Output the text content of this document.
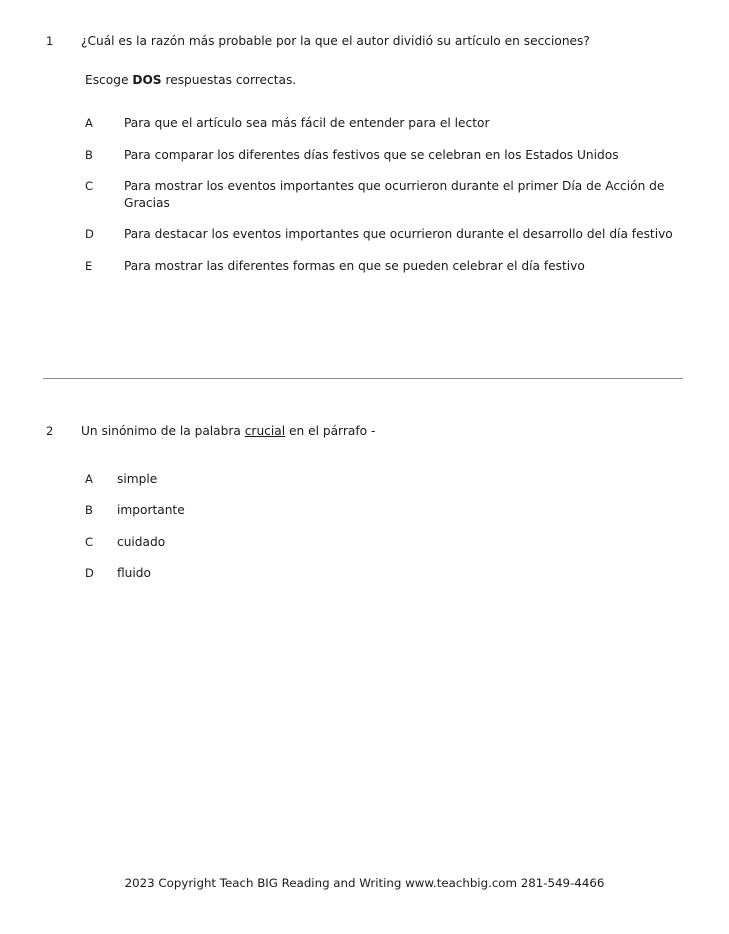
1 ¿Cuál es la razón más probable por la que el autor dividió su artículo en secciones?
Escoge DOS respuestas correctas.
A	Para que el artículo sea más fácil de entender para el lector
B	Para comparar los diferentes días festivos que se celebran en los Estados Unidos
C	Para mostrar los eventos importantes que ocurrieron durante el primer Día de Acción de Gracias
D Para destacar los eventos importantes que ocurrieron durante el desarrollo del día festivo
E	Para mostrar las diferentes formas en que se pueden celebrar el día festivo
2 Un sinónimo de la palabra crucial en el párrafo -
A simple
B importante
C cuidado
D fluido
2023 Copyright Teach BIG Reading and Writing www.teachbig.com 281-549-4466
